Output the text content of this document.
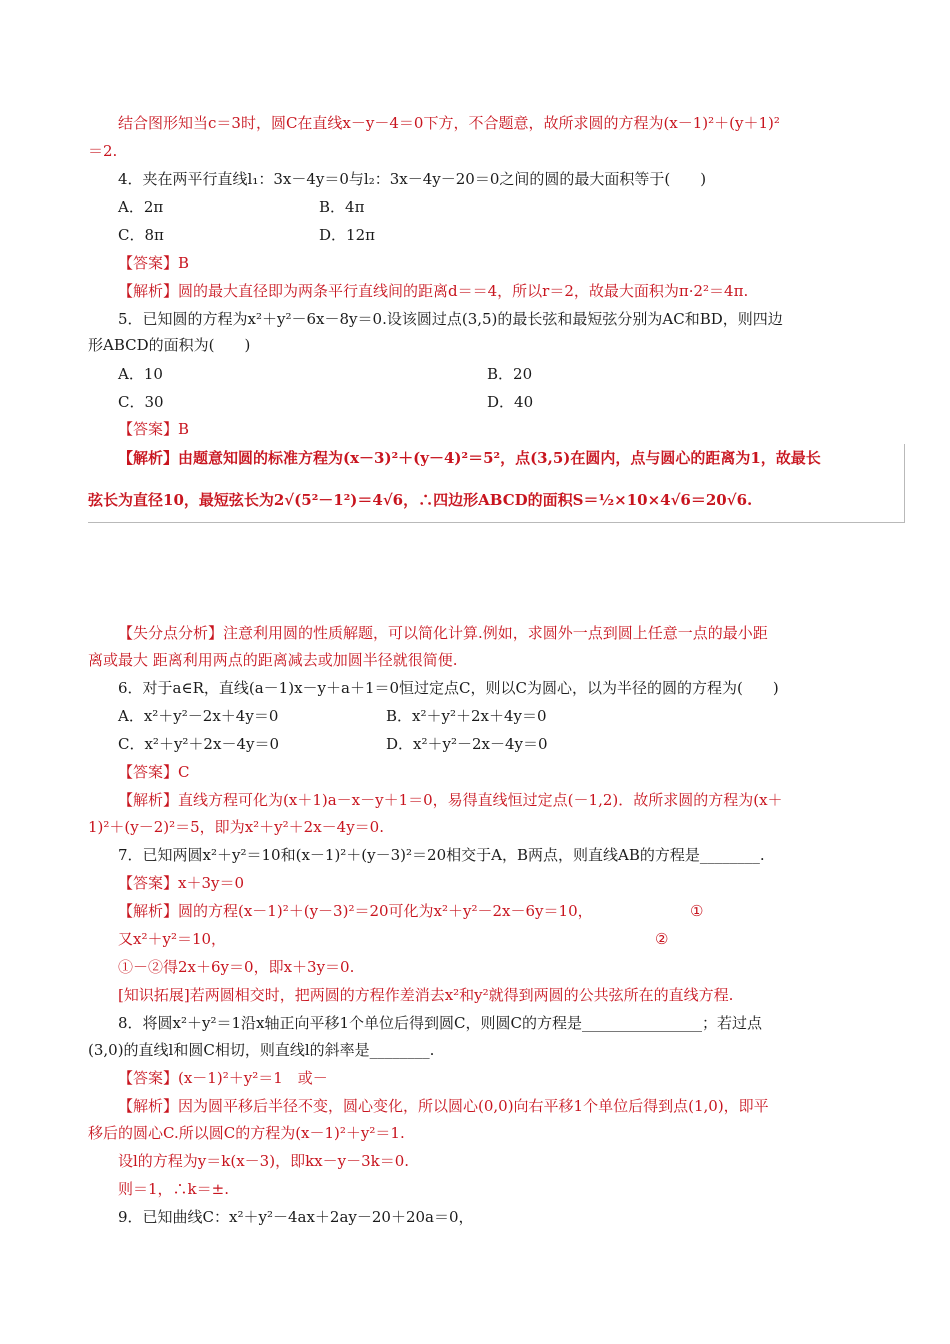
结合图形知当c＝3时，圆C在直线x－y－4＝0下方，不合题意，故所求圆的方程为(x－1)²＋(y＋1)²
＝2.
4．夹在两平行直线l₁：3x－4y＝0与l₂：3x－4y－20＝0之间的圆的最大面积等于(　　)
A．2π	B．4π
C．8π	D．12π
【答案】B
【解析】圆的最大直径即为两条平行直线间的距离d＝＝4，所以r＝2，故最大面积为π·2²＝4π.
5．已知圆的方程为x²＋y²－6x－8y＝0.设该圆过点(3,5)的最长弦和最短弦分别为AC和BD，则四边
形ABCD的面积为(　　)
A．10	B．20
C．30	D．40
【答案】B
【解析】由题意知圆的标准方程为(x－3)²＋(y－4)²＝5²，点(3,5)在圆内，点与圆心的距离为1，故最长
弦长为直径10，最短弦长为2√(5²－1²)＝4√6，∴四边形ABCD的面积S＝½×10×4√6＝20√6.
【失分点分析】注意利用圆的性质解题，可以简化计算.例如，求圆外一点到圆上任意一点的最小距
离或最大 距离利用两点的距离减去或加圆半径就很简便.
6．对于a∈R，直线(a－1)x－y＋a＋1＝0恒过定点C，则以C为圆心，以为半径的圆的方程为(　　)
A．x²＋y²－2x＋4y＝0	B．x²＋y²＋2x＋4y＝0
C．x²＋y²＋2x－4y＝0	D．x²＋y²－2x－4y＝0
【答案】C
【解析】直线方程可化为(x＋1)a－x－y＋1＝0，易得直线恒过定点(－1,2)．故所求圆的方程为(x＋
1)²＋(y－2)²＝5，即为x²＋y²＋2x－4y＝0.
7．已知两圆x²＋y²＝10和(x－1)²＋(y－3)²＝20相交于A，B两点，则直线AB的方程是________.
【答案】x＋3y＝0
【解析】圆的方程(x－1)²＋(y－3)²＝20可化为x²＋y²－2x－6y＝10，	①
又x²＋y²＝10，	②
①－②得2x＋6y＝0，即x＋3y＝0.
[知识拓展]若两圆相交时，把两圆的方程作差消去x²和y²就得到两圆的公共弦所在的直线方程.
8．将圆x²＋y²＝1沿x轴正向平移1个单位后得到圆C，则圆C的方程是________________；若过点
(3,0)的直线l和圆C相切，则直线l的斜率是________.
【答案】(x－1)²＋y²＝1　或－
【解析】因为圆平移后半径不变，圆心变化，所以圆心(0,0)向右平移1个单位后得到点(1,0)，即平
移后的圆心C.所以圆C的方程为(x－1)²＋y²＝1.
设l的方程为y＝k(x－3)，即kx－y－3k＝0.
则＝1，∴k＝±.
9．已知曲线C：x²＋y²－4ax＋2ay－20＋20a＝0，
